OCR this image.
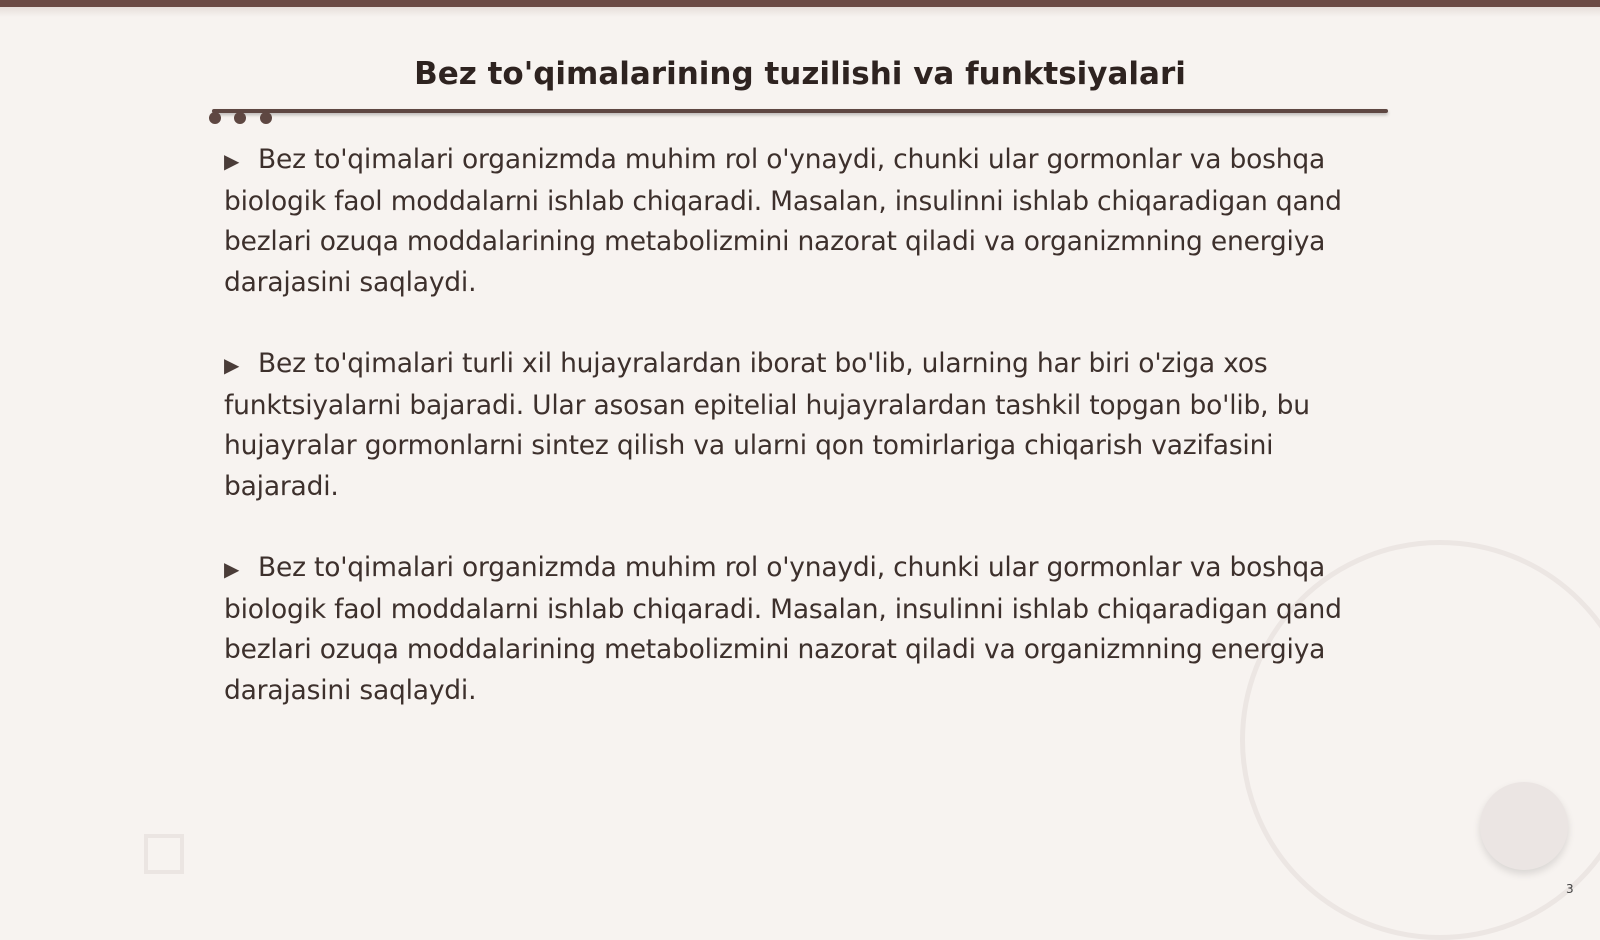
Bez to'qimalarining tuzilishi va funktsiyalari

▶ Bez to'qimalari organizmda muhim rol o'ynaydi, chunki ular gormonlar va boshqa biologik faol moddalarni ishlab chiqaradi. Masalan, insulinni ishlab chiqaradigan qand bezlari ozuqa moddalarining metabolizmini nazorat qiladi va organizmning energiya darajasini saqlaydi.

▶ Bez to'qimalari turli xil hujayralardan iborat bo'lib, ularning har biri o'ziga xos funktsiyalarni bajaradi. Ular asosan epitelial hujayralardan tashkil topgan bo'lib, bu hujayralar gormonlarni sintez qilish va ularni qon tomirlariga chiqarish vazifasini bajaradi.

▶ Bez to'qimalari organizmda muhim rol o'ynaydi, chunki ular gormonlar va boshqa biologik faol moddalarni ishlab chiqaradi. Masalan, insulinni ishlab chiqaradigan qand bezlari ozuqa moddalarining metabolizmini nazorat qiladi va organizmning energiya darajasini saqlaydi.

3
